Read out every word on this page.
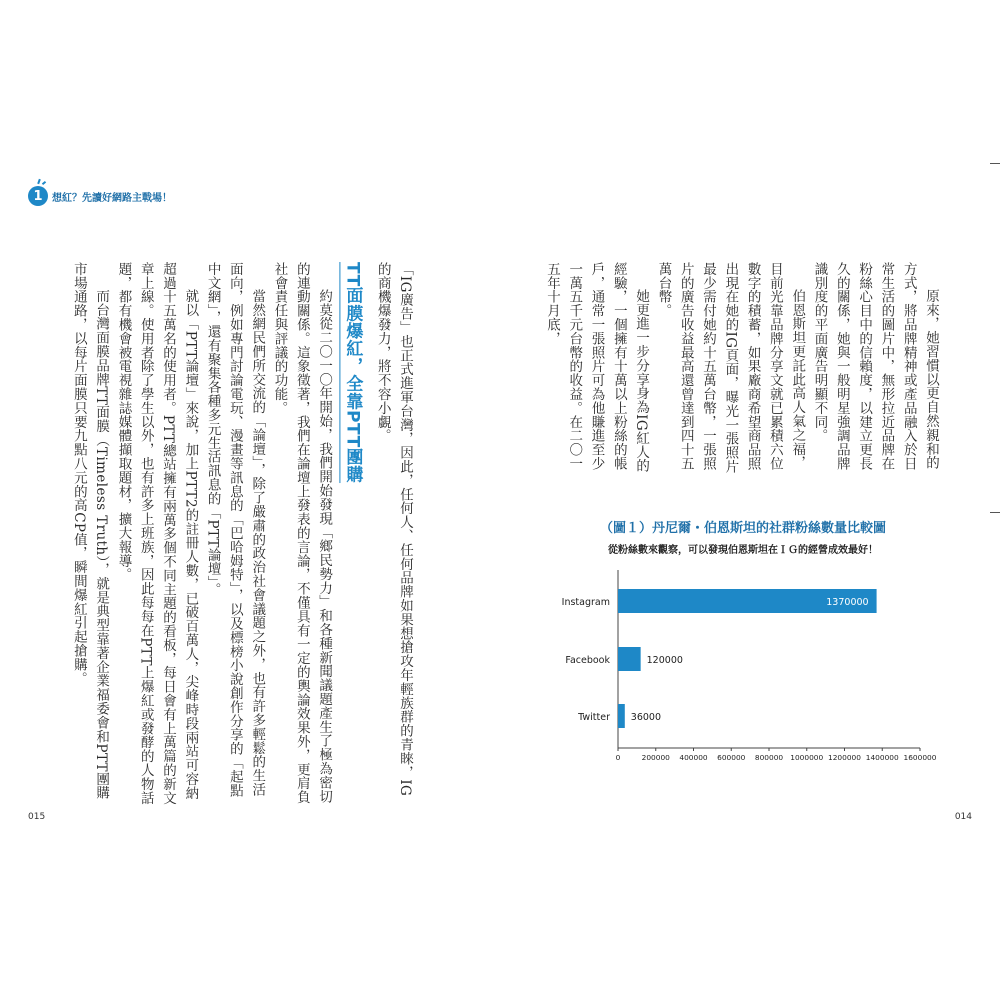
1 想紅？先讀好網路主戰場！

「IG廣告」也正式進軍台灣，因此，任何人、任何品牌如果想搶攻年輕族群的青睞，IG的商機爆發力，將不容小覷。

TT面膜爆紅，全靠PTT團購

約莫從二〇一〇年開始，我們開始發現「鄉民勢力」和各種新聞議題產生了極為密切的連動關係。這象徵著，我們在論壇上發表的言論，不僅具有一定的輿論效果外，更肩負社會責任與評議的功能。

當然網民們所交流的「論壇」，除了嚴肅的政治社會議題之外，也有許多輕鬆的生活面向，例如專門討論電玩、漫畫等訊息的「巴哈姆特」，以及標榜小說創作分享的「起點中文網」，還有聚集各種多元生活訊息的「PTT論壇」。

就以「PTT論壇」來說，加上PTT2的註冊人數，已破百萬人，尖峰時段兩站可容納超過十五萬名的使用者。PTT總站擁有兩萬多個不同主題的看板，每日會有上萬篇的新文章上線。使用者除了學生以外，也有許多上班族，因此每每在PTT上爆紅或發酵的人物話題，都有機會被電視雜誌媒體擷取題材，擴大報導。

而台灣面膜品牌TT面膜（Timeless Truth），就是典型靠著企業福委會和PTT團購市場通路，以每片面膜只要九點八元的高CP值，瞬間爆紅引起搶購。

015

原來，她習慣以更自然親和的方式，將品牌精神或產品融入於日常生活的圖片中，無形拉近品牌在粉絲心目中的信賴度，以建立更長久的關係，她與一般明星強調品牌識別度的平面廣告明顯不同。

伯恩斯坦更託此高人氣之福，目前光靠品牌分享文就已累積六位數字的積蓄，如果廠商希望商品照出現在她的IG頁面，曝光一張照片最少需付她約十五萬台幣，一張照片的廣告收益最高還曾達到四十五萬台幣。

她更進一步分享身為IG紅人的經驗，一個擁有十萬以上粉絲的帳戶，通常一張照片可為他賺進至少一萬五千元台幣的收益。在二〇一五年十月底，

（圖１）丹尼爾・伯恩斯坦的社群粉絲數量比較圖
從粉絲數來觀察，可以發現伯恩斯坦在ＩＧ的經營成效最好！
Instagram	1370000
Facebook	120000
Twitter 36000
0	200000 400000 600000 800000 1000000 1200000 1400000 1600000
014
